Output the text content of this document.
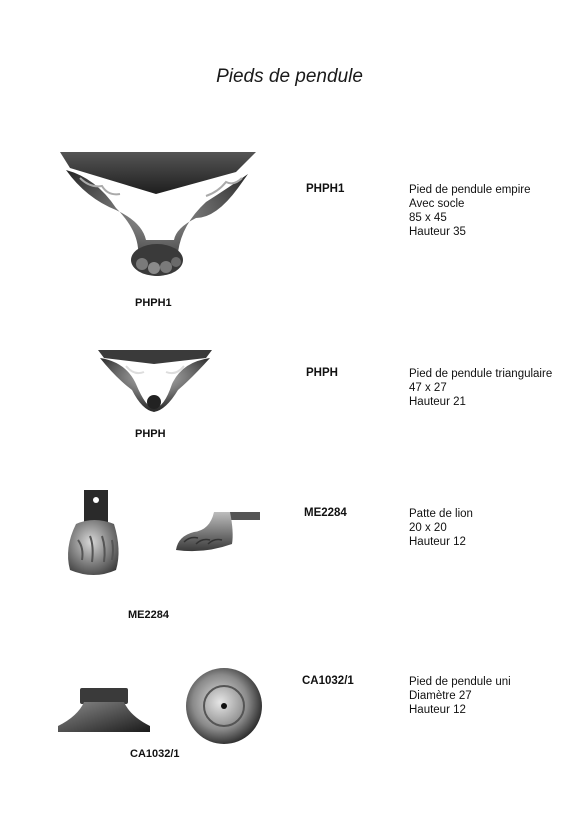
Pieds de pendule
PHPH1
PHPH1	Pied de pendule empire
Avec socle
85 x 45
Hauteur 35
PHPH
PHPH	Pied de pendule triangulaire
47 x 27
Hauteur 21
ME2284
ME2284	Patte de lion
20 x 20
Hauteur 12
CA1032/1
CA1032/1	Pied de pendule uni
Diamètre 27
Hauteur 12
